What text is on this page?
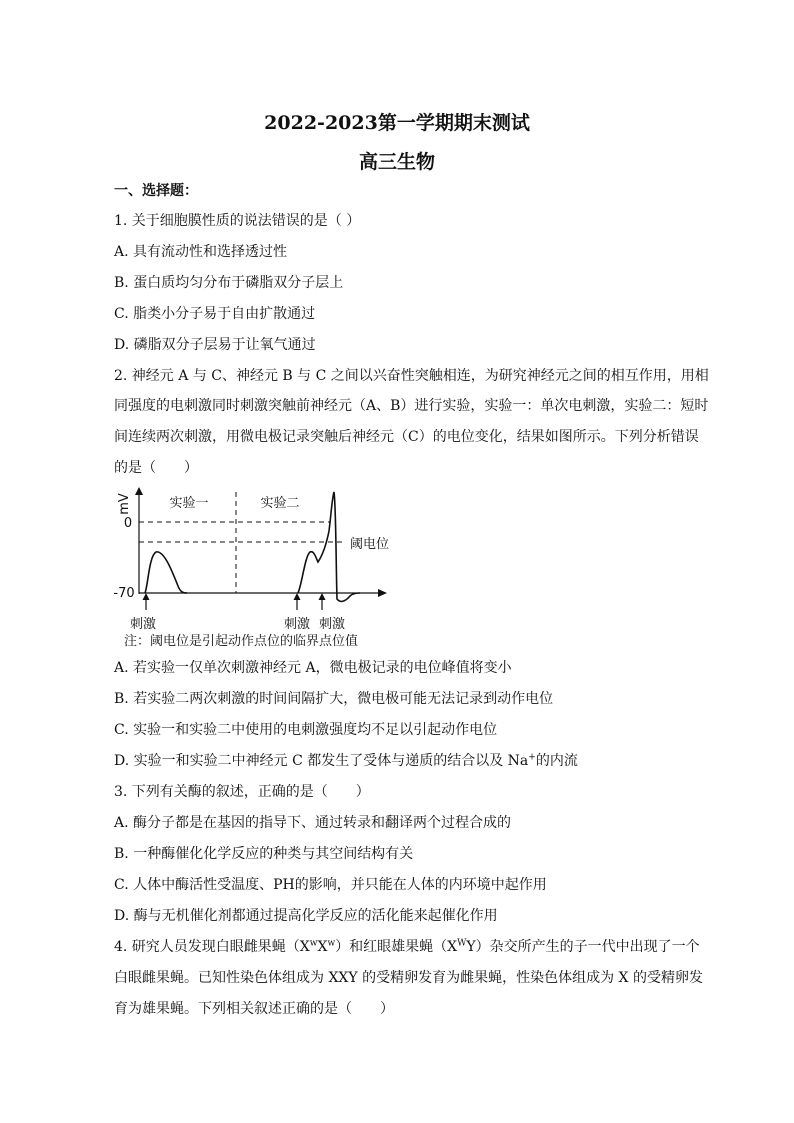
2022-2023第一学期期末测试
高三生物
一、选择题：
1. 关于细胞膜性质的说法错误的是（ ）
A. 具有流动性和选择透过性
B. 蛋白质均匀分布于磷脂双分子层上
C. 脂类小分子易于自由扩散通过
D. 磷脂双分子层易于让氧气通过
2. 神经元 A 与 C、神经元 B 与 C 之间以兴奋性突触相连，为研究神经元之间的相互作用，用相
同强度的电刺激同时刺激突触前神经元（A、B）进行实验，实验一：单次电刺激，实验二：短时
间连续两次刺激，用微电极记录突触后神经元（C）的电位变化，结果如图所示。下列分析错误
的是（　　）
mV
0
-70
实验一	实验二
阈电位
刺激	刺激 刺激
注：阈电位是引起动作点位的临界点位值
A. 若实验一仅单次刺激神经元 A，微电极记录的电位峰值将变小
B. 若实验二两次刺激的时间间隔扩大，微电极可能无法记录到动作电位
C. 实验一和实验二中使用的电刺激强度均不足以引起动作电位
D. 实验一和实验二中神经元 C 都发生了受体与递质的结合以及 Na+的内流
3. 下列有关酶的叙述，正确的是（　　）
A. 酶分子都是在基因的指导下、通过转录和翻译两个过程合成的
B. 一种酶催化化学反应的种类与其空间结构有关
C. 人体中酶活性受温度、PH的影响，并只能在人体的内环境中起作用
D. 酶与无机催化剂都通过提高化学反应的活化能来起催化作用
4. 研究人员发现白眼雌果蝇$(X^wX^w)$和红眼雄果蝇$(X^WY)$杂交所产生的子一代中出现了一个
白眼雌果蝇。已知性染色体组成为 XXY 的受精卵发育为雌果蝇，性染色体组成为 X 的受精卵发
育为雄果蝇。下列相关叙述正确的是（　　）
